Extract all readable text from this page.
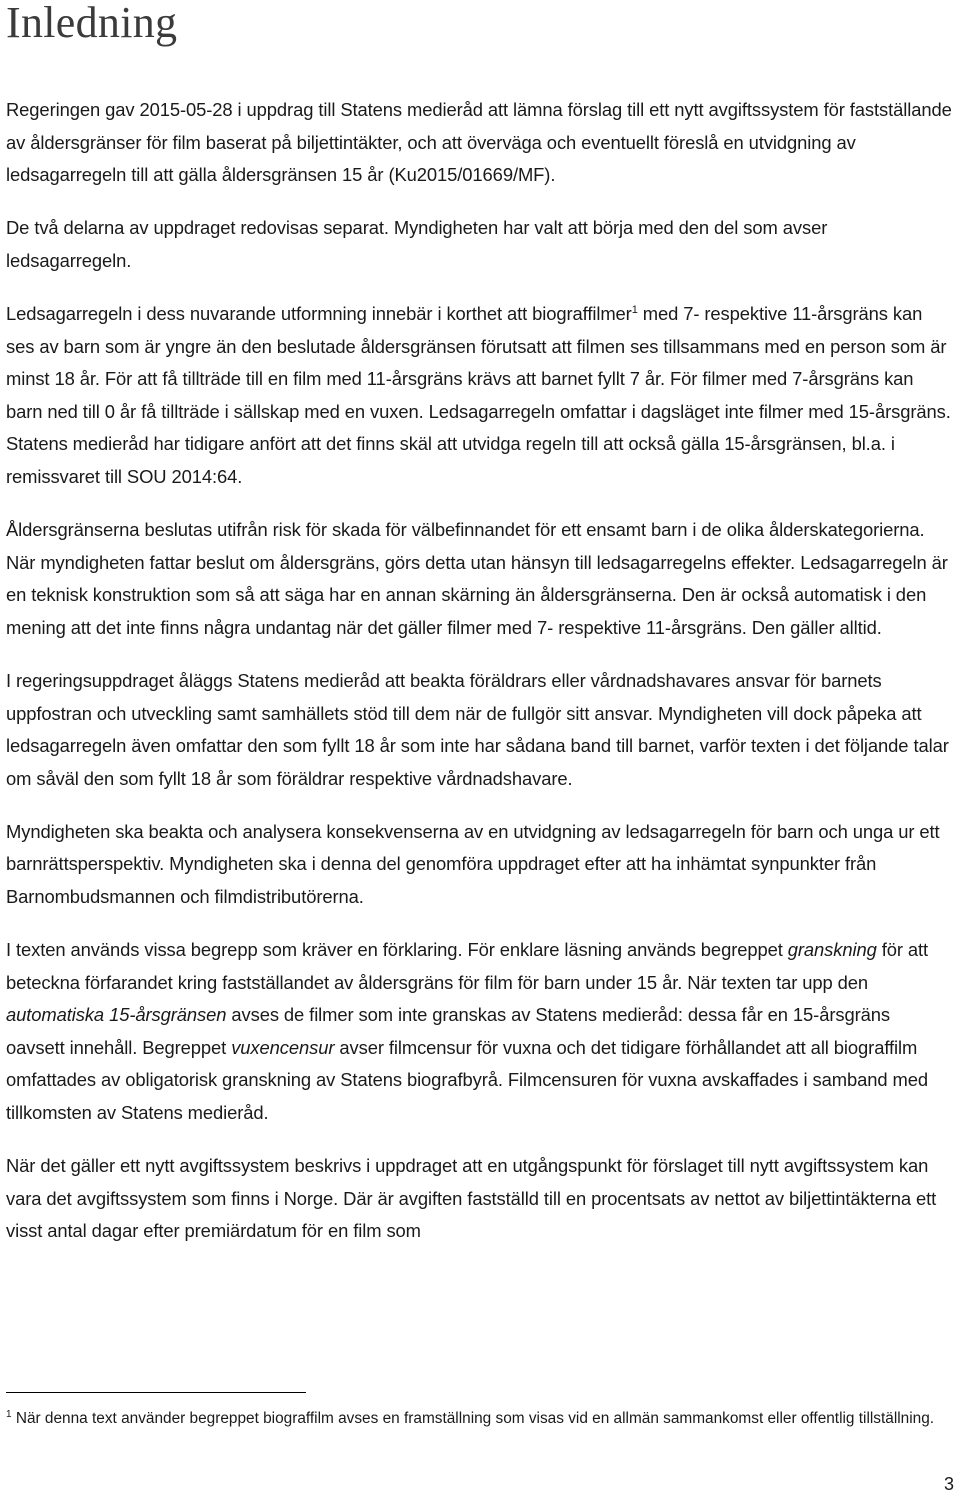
Inledning

Regeringen gav 2015-05-28 i uppdrag till Statens medieråd att lämna förslag till ett nytt avgiftssystem för fastställande av åldersgränser för film baserat på biljettintäkter, och att överväga och eventuellt föreslå en utvidgning av ledsagarregeln till att gälla åldersgränsen 15 år (Ku2015/01669/MF).

De två delarna av uppdraget redovisas separat. Myndigheten har valt att börja med den del som avser ledsagarregeln.

Ledsagarregeln i dess nuvarande utformning innebär i korthet att biograffilmer$^1$ med 7- respektive 11-årsgräns kan ses av barn som är yngre än den beslutade åldersgränsen förutsatt att filmen ses tillsammans med en person som är minst 18 år. För att få tillträde till en film med 11-årsgräns krävs att barnet fyllt 7 år. För filmer med 7-årsgräns kan barn ned till 0 år få tillträde i sällskap med en vuxen. Ledsagarregeln omfattar i dagsläget inte filmer med 15-årsgräns. Statens medieråd har tidigare anfört att det finns skäl att utvidga regeln till att också gälla 15-årsgränsen, bl.a. i remissvaret till SOU 2014:64.

Åldersgränserna beslutas utifrån risk för skada för välbefinnandet för ett ensamt barn i de olika ålderskategorierna. När myndigheten fattar beslut om åldersgräns, görs detta utan hänsyn till ledsagarregelns effekter. Ledsagarregeln är en teknisk konstruktion som så att säga har en annan skärning än åldersgränserna. Den är också automatisk i den mening att det inte finns några undantag när det gäller filmer med 7- respektive 11-årsgräns. Den gäller alltid.

I regeringsuppdraget åläggs Statens medieråd att beakta föräldrars eller vårdnadshavares ansvar för barnets uppfostran och utveckling samt samhällets stöd till dem när de fullgör sitt ansvar. Myndigheten vill dock påpeka att ledsagarregeln även omfattar den som fyllt 18 år som inte har sådana band till barnet, varför texten i det följande talar om såväl den som fyllt 18 år som föräldrar respektive vårdnadshavare.

Myndigheten ska beakta och analysera konsekvenserna av en utvidgning av ledsagarregeln för barn och unga ur ett barnrättsperspektiv. Myndigheten ska i denna del genomföra uppdraget efter att ha inhämtat synpunkter från Barnombudsmannen och filmdistributörerna.

I texten används vissa begrepp som kräver en förklaring. För enklare läsning används begreppet granskning för att beteckna förfarandet kring fastställandet av åldersgräns för film för barn under 15 år. När texten tar upp den automatiska 15-årsgränsen avses de filmer som inte granskas av Statens medieråd: dessa får en 15-årsgräns oavsett innehåll. Begreppet vuxencensur avser filmcensur för vuxna och det tidigare förhållandet att all biograffilm omfattades av obligatorisk granskning av Statens biografbyrå. Filmcensuren för vuxna avskaffades i samband med tillkomsten av Statens medieråd.

När det gäller ett nytt avgiftssystem beskrivs i uppdraget att en utgångspunkt för förslaget till nytt avgiftssystem kan vara det avgiftssystem som finns i Norge. Där är avgiften fastställd till en procentsats av nettot av biljettintäkterna ett visst antal dagar efter premiärdatum för en film som

$^1$ När denna text använder begreppet biograffilm avses en framställning som visas vid en allmän sammankomst eller offentlig tillställning.

3
